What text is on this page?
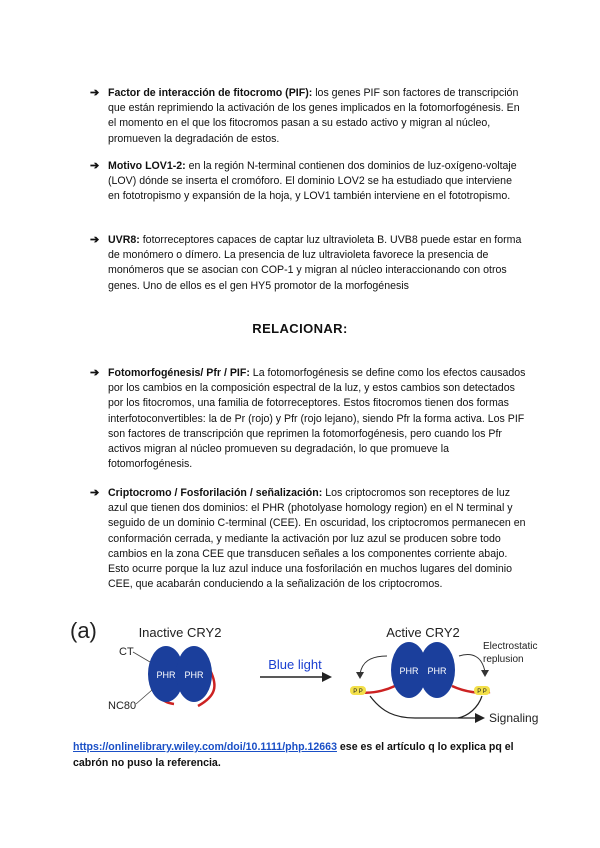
➔ Factor de interacción de fitocromo (PIF): los genes PIF son factores de transcripción que están reprimiendo la activación de los genes implicados en la fotomorfogénesis. En el momento en el que los fitocromos pasan a su estado activo y migran al núcleo, promueven la degradación de estos.
➔ Motivo LOV1-2: en la región N-terminal contienen dos dominios de luz-oxígeno-voltaje (LOV) dónde se inserta el cromóforo. El dominio LOV2 se ha estudiado que interviene en fototropismo y expansión de la hoja, y LOV1 también interviene en el fototropismo.
➔ UVR8: fotorreceptores capaces de captar luz ultravioleta B. UVB8 puede estar en forma de monómero o dímero. La presencia de luz ultravioleta favorece la presencia de monómeros que se asocian con COP-1 y migran al núcleo interaccionando con otros genes. Uno de ellos es el gen HY5 promotor de la morfogénesis
RELACIONAR:
➔ Fotomorfogénesis/ Pfr / PIF: La fotomorfogénesis se define como los efectos causados por los cambios en la composición espectral de la luz, y estos cambios son detectados por los fitocromos, una familia de fotorreceptores. Estos fitocromos tienen dos formas interfotoconvertibles: la de Pr (rojo) y Pfr (rojo lejano), siendo Pfr la forma activa. Los PIF son factores de transcripción que reprimen la fotomorfogénesis, pero cuando los Pfr activos migran al núcleo promueven su degradación, lo que promueve la fotomorfogénesis.
➔ Criptocromo / Fosforilación / señalización: Los criptocromos son receptores de luz azul que tienen dos dominios: el PHR (photolyase homology region) en el N terminal y seguido de un dominio C-terminal (CEE). En oscuridad, los criptocromos permanecen en conformación cerrada, y mediante la activación por luz azul se producen sobre todo cambios en la zona CEE que transducen señales a los componentes corriente abajo. Esto ocurre porque la luz azul induce una fosforilación en muchos lugares del dominio CEE, que acabarán conduciendo a la señalización de los criptocromos.
(a)	Inactive CRY2	Active CRY2
PHR PHR
CT
NC80
Blue light	PHR PHR
P P	P P
Electrostatic
replusion
Signaling
https://onlinelibrary.wiley.com/doi/10.1111/php.12663 ese es el artículo q lo explica pq el cabrón no puso la referencia.
